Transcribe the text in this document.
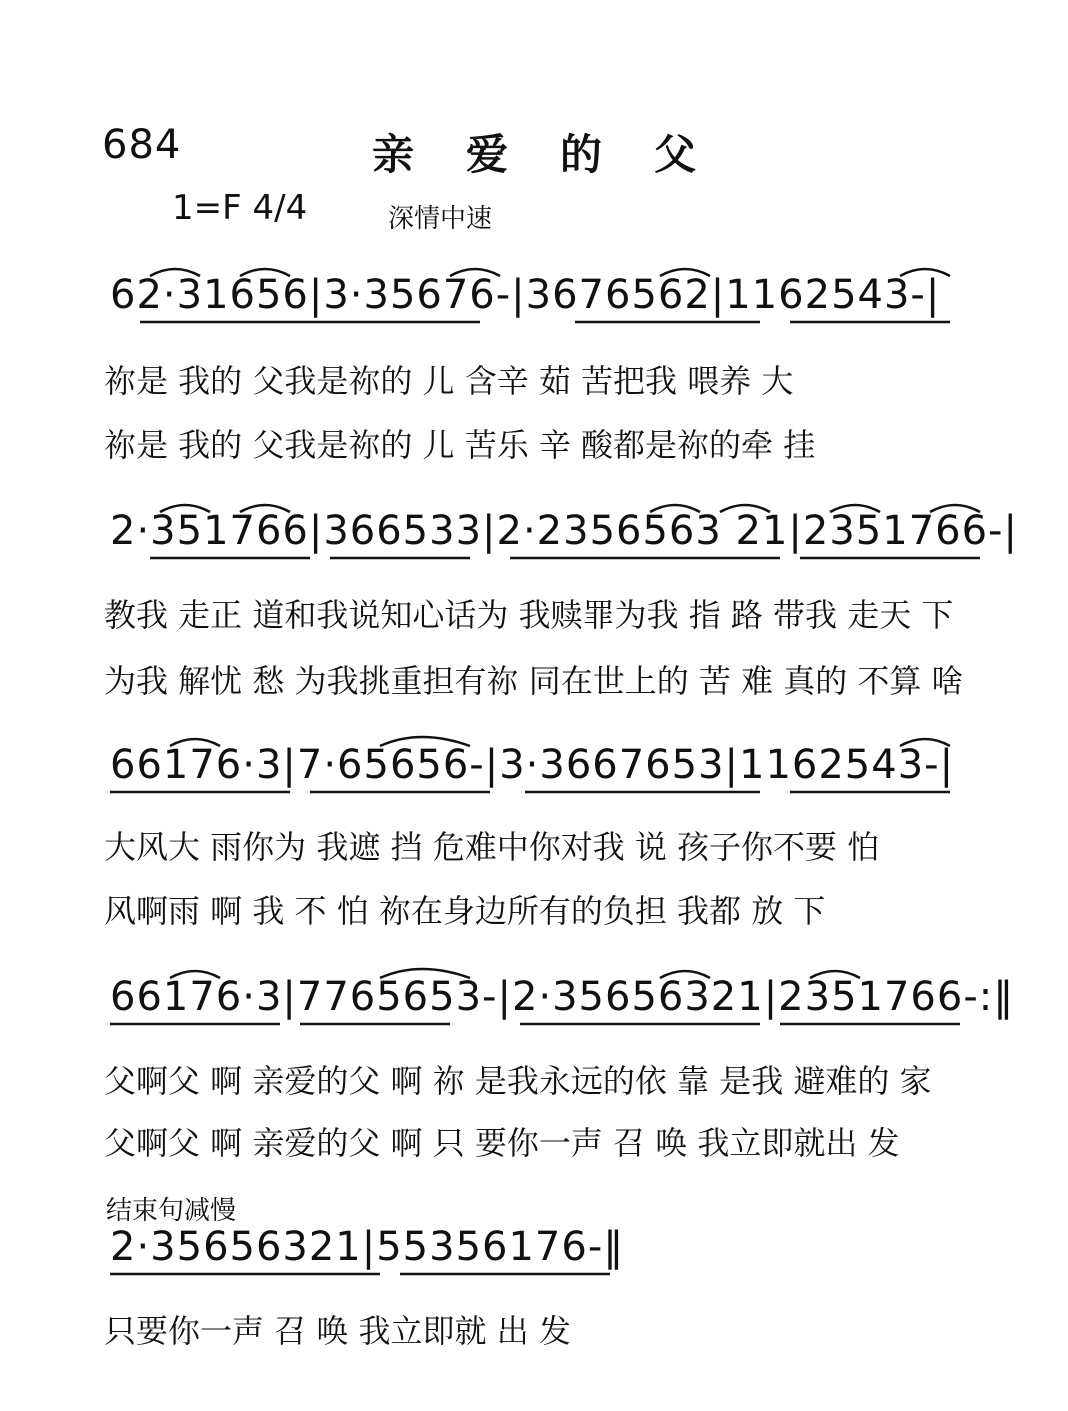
684	亲爱的父
1=F 4/4	深情中速
62·31656|3·35676-|3676562|1162543-|
祢是 我的 父我是祢的 儿 含辛 茹 苦把我 喂养 大
祢是 我的 父我是祢的 儿 苦乐 辛 酸都是祢的牵 挂
2·351766|366533|2·2356563 21|2351766-|
教我 走正 道和我说知心话为 我赎罪为我 指 路 带我 走天 下
为我 解忧 愁 为我挑重担有祢 同在世上的 苦 难 真的 不算 啥
66176·3|7·65656-|3·3667653|1162543-|
大风大 雨你为 我遮 挡 危难中你对我 说 孩子你不要 怕
风啊雨 啊 我 不 怕 祢在身边所有的负担 我都 放 下
66176·3|7765653-|2·35656321|2351766-:‖
父啊父 啊 亲爱的父 啊 祢 是我永远的依 靠 是我 避难的 家
父啊父 啊 亲爱的父 啊 只 要你一声 召 唤 我立即就出 发
结束句减慢
2·35656321|55356176-‖
只要你一声 召 唤 我立即就 出 发
